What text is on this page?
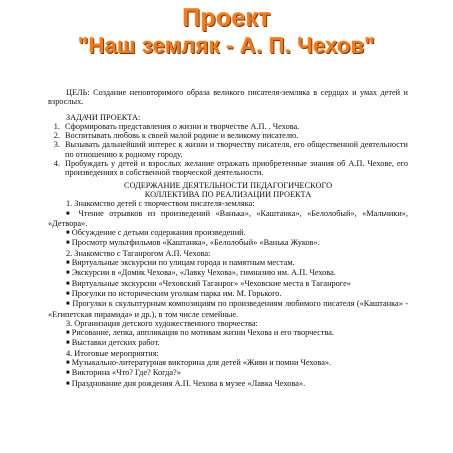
Проект
"Наш земляк - А. П. Чехов"

ЦЕЛЬ: Создание неповторимого образа великого писателя-земляка в сердцах и умах детей и взрослых.

ЗАДАЧИ ПРОЕКТА:

1. Сформировать представления о жизни и творчестве А.П. . Чехова.
2. Воспитывать любовь к своей малой родине и великому писателю.
3. Вызывать дальнейший интерес к жизни и творчеству писателя, его общественной деятельности по отношению к родному городу.
4. Пробуждать у детей и взрослых желание отражать приобретенные знания об А.П. Чехове, его произведениях в собственной творческой деятельности.

СОДЕРЖАНИЕ ДЕЯТЕЛЬНОСТИ ПЕДАГОГИЧЕСКОГО

КОЛЛЕКТИВА ПО РЕАЛИЗАЦИИ ПРОЕКТА

1. Знакомство детей с творчеством писателя-земляка:

■ Чтение отрывков из произведений «Ванька», «Каштанка», «Белолобый», «Мальчики», «Детвора».

■ Обсуждение с детьми содержания произведений.

■ Просмотр мультфильмов «Каштанка», «Белолобый» «Ванька Жуков».

2. Знакомство с Таганрогом А.П. Чехова:

■ Виртуальные экскурсии по улицам города и памятным местам.

■ Экскурсии в «Домик Чехова», «Лавку Чехова», гимназию им. А.П. Чехова.

■ Виртуальные экскурсии «Чеховский Таганрог» «Чеховские места в Таганроге»

■ Прогулки по историческим уголкам парка им. М. Горького.

■ Прогулки к скульптурным композициям по произведениям любимого писателя («Каштанка» - «Египетская пирамида» и др.), в том числе семейные.

3. Организация детского художественного творчества:

■ Рисование, лепка, аппликация по мотивам жизни Чехова и его творчества.

■ Выставки детских работ.

4. Итоговые мероприятия:

■ Музыкально-литературная викторина для детей «Живи и помни Чехова».

■ Викторина «Что? Где? Когда?»

■ Празднование дня рождения А.П. Чехова в музее «Лавка Чехова».
